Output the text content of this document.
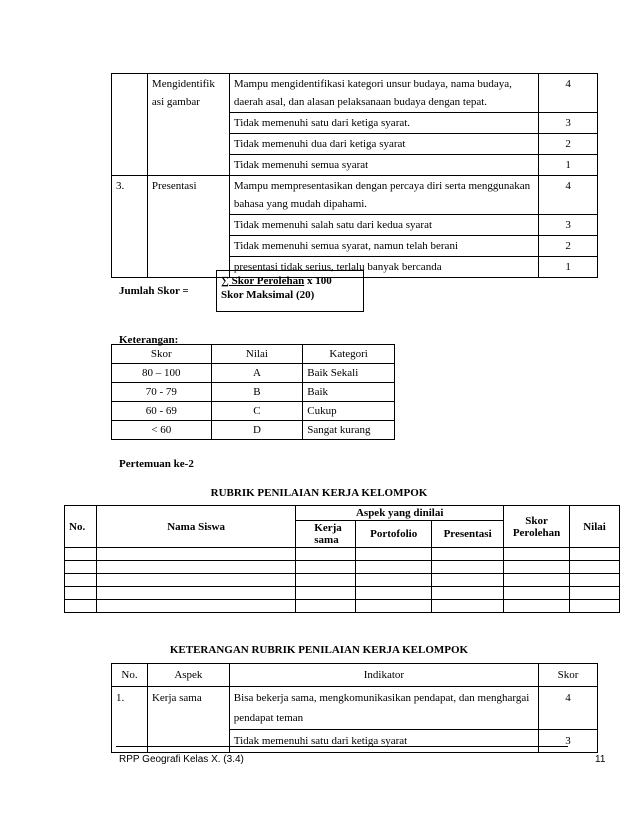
	Mengidentifik asi gambar	Mampu mengidentifikasi kategori unsur budaya, nama budaya, daerah asal, dan alasan pelaksanaan budaya dengan tepat.	4
		Tidak memenuhi satu dari ketiga syarat.	3
		Tidak memenuhi dua dari ketiga syarat	2
		Tidak memenuhi semua syarat	1
3.	Presentasi	Mampu mempresentasikan dengan percaya diri serta menggunakan bahasa yang mudah dipahami.	4
		Tidak memenuhi salah satu dari kedua syarat	3
		Tidak memenuhi semua syarat, namun telah berani	2
		presentasi tidak serius, terlalu banyak bercanda	1
Jumlah Skor =
∑ Skor Perolehan x 100
Skor Maksimal (20)
Keterangan:
Skor	Nilai	Kategori
80 – 100	A	Baik Sekali
70 - 79	B	Baik
60 - 69	C	Cukup
< 60	D	Sangat kurang
Pertemuan ke-2
RUBRIK PENILAIAN KERJA KELOMPOK
No.	Nama Siswa	Aspek yang dinilai			Skor Perolehan	Nilai
		Kerja sama	Portofolio	Presentasi		

KETERANGAN RUBRIK PENILAIAN KERJA KELOMPOK
No.	Aspek	Indikator	Skor
1.	Kerja sama	Bisa bekerja sama, mengkomunikasikan pendapat, dan menghargai pendapat teman	4
		Tidak memenuhi satu dari ketiga syarat	3
RPP Geografi Kelas X. (3.4)	11
